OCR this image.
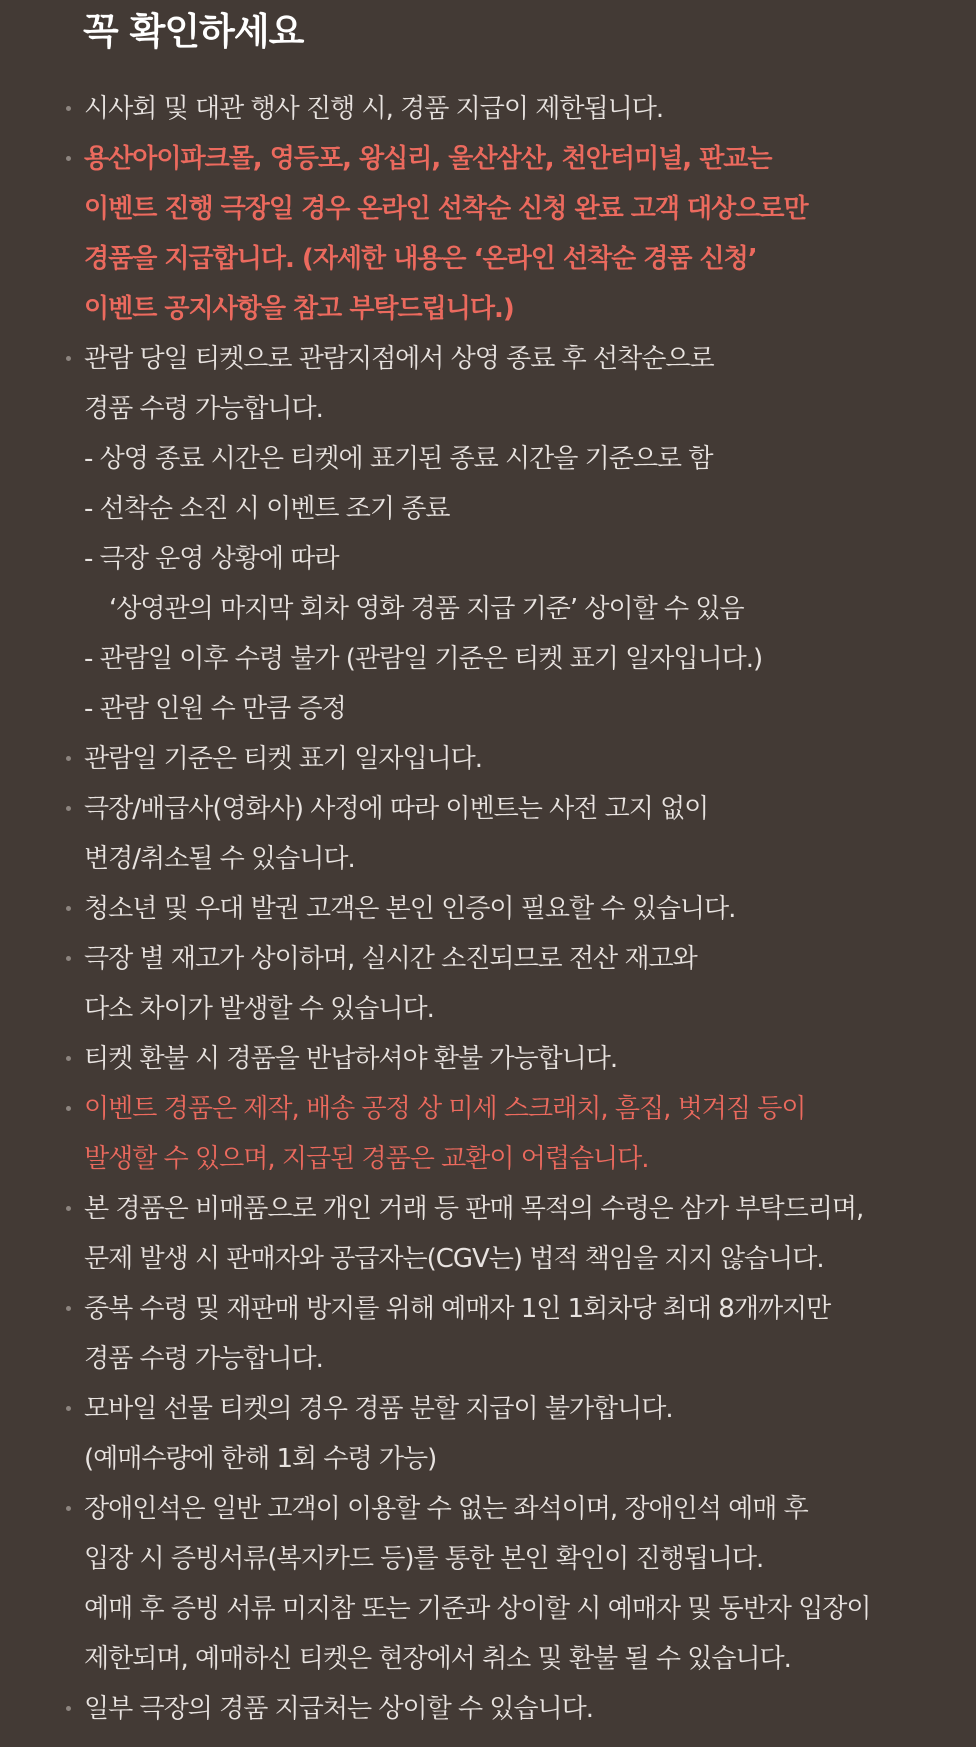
꼭 확인하세요
시사회 및 대관 행사 진행 시, 경품 지급이 제한됩니다.
용산아이파크몰, 영등포, 왕십리, 울산삼산, 천안터미널, 판교는
이벤트 진행 극장일 경우 온라인 선착순 신청 완료 고객 대상으로만
경품을 지급합니다. (자세한 내용은 ‘온라인 선착순 경품 신청’
이벤트 공지사항을 참고 부탁드립니다.)
관람 당일 티켓으로 관람지점에서 상영 종료 후 선착순으로
경품 수령 가능합니다.
- 상영 종료 시간은 티켓에 표기된 종료 시간을 기준으로 함
- 선착순 소진 시 이벤트 조기 종료
- 극장 운영 상황에 따라
‘상영관의 마지막 회차 영화 경품 지급 기준’ 상이할 수 있음
- 관람일 이후 수령 불가 (관람일 기준은 티켓 표기 일자입니다.)
- 관람 인원 수 만큼 증정
관람일 기준은 티켓 표기 일자입니다.
극장/배급사(영화사) 사정에 따라 이벤트는 사전 고지 없이
변경/취소될 수 있습니다.
청소년 및 우대 발권 고객은 본인 인증이 필요할 수 있습니다.
극장 별 재고가 상이하며, 실시간 소진되므로 전산 재고와
다소 차이가 발생할 수 있습니다.
티켓 환불 시 경품을 반납하셔야 환불 가능합니다.
이벤트 경품은 제작, 배송 공정 상 미세 스크래치, 흠집, 벗겨짐 등이
발생할 수 있으며, 지급된 경품은 교환이 어렵습니다.
본 경품은 비매품으로 개인 거래 등 판매 목적의 수령은 삼가 부탁드리며,
문제 발생 시 판매자와 공급자는(CGV는) 법적 책임을 지지 않습니다.
중복 수령 및 재판매 방지를 위해 예매자 1인 1회차당 최대 8개까지만
경품 수령 가능합니다.
모바일 선물 티켓의 경우 경품 분할 지급이 불가합니다.
(예매수량에 한해 1회 수령 가능)
장애인석은 일반 고객이 이용할 수 없는 좌석이며, 장애인석 예매 후
입장 시 증빙서류(복지카드 등)를 통한 본인 확인이 진행됩니다.
예매 후 증빙 서류 미지참 또는 기준과 상이할 시 예매자 및 동반자 입장이
제한되며, 예매하신 티켓은 현장에서 취소 및 환불 될 수 있습니다.
일부 극장의 경품 지급처는 상이할 수 있습니다.
